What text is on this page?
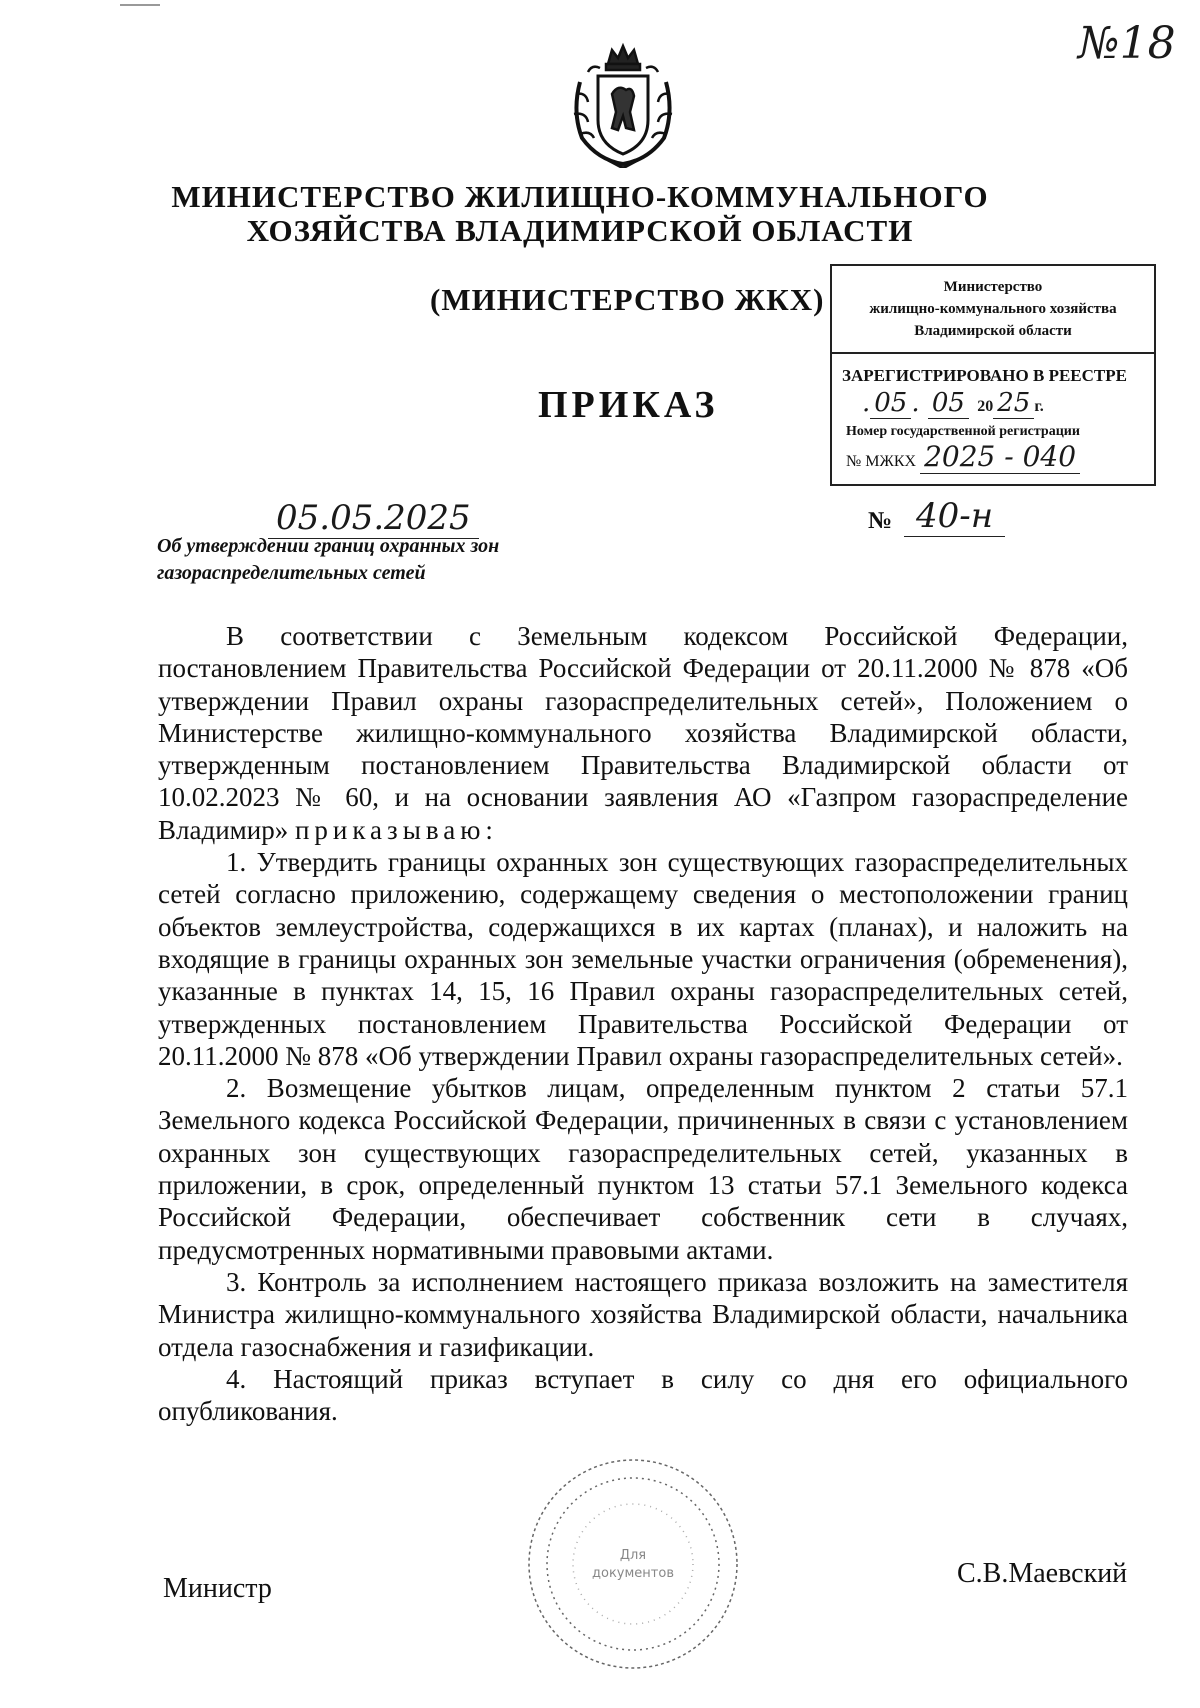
№18
МИНИСТЕРСТВО ЖИЛИЩНО-КОММУНАЛЬНОГО
ХОЗЯЙСТВА ВЛАДИМИРСКОЙ ОБЛАСТИ
(МИНИСТЕРСТВО ЖКХ)
ПРИКАЗ
Министерство
жилищно-коммунального хозяйства
Владимирской области
ЗАРЕГИСТРИРОВАНО В РЕЕСТРЕ
. 05 . 05 20 25 г.
Номер государственной регистрации
№ МЖКХ 2025 - 040
05.05.2025	№ 40-н
Об утверждении границ охранных зон
газораспределительных сетей

В соответствии с Земельным кодексом Российской Федерации, постановлением Правительства Российской Федерации от 20.11.2000 № 878 «Об утверждении Правил охраны газораспределительных сетей», Положением о Министерстве жилищно-коммунального хозяйства Владимирской области, утвержденным постановлением Правительства Владимирской области от 10.02.2023 № 60, и на основании заявления АО «Газпром газораспределение Владимир» приказываю:

1. Утвердить границы охранных зон существующих газораспределительных сетей согласно приложению, содержащему сведения о местоположении границ объектов землеустройства, содержащихся в их картах (планах), и наложить на входящие в границы охранных зон земельные участки ограничения (обременения), указанные в пунктах 14, 15, 16 Правил охраны газораспределительных сетей, утвержденных постановлением Правительства Российской Федерации от 20.11.2000 № 878 «Об утверждении Правил охраны газораспределительных сетей».

2. Возмещение убытков лицам, определенным пунктом 2 статьи 57.1 Земельного кодекса Российской Федерации, причиненных в связи с установлением охранных зон существующих газораспределительных сетей, указанных в приложении, в срок, определенный пунктом 13 статьи 57.1 Земельного кодекса Российской Федерации, обеспечивает собственник сети в случаях, предусмотренных нормативными правовыми актами.

3. Контроль за исполнением настоящего приказа возложить на заместителя Министра жилищно-коммунального хозяйства Владимирской области, начальника отдела газоснабжения и газификации.

4. Настоящий приказ вступает в силу со дня его официального опубликования.

Для
документов
Министр	С.В.Маевский
